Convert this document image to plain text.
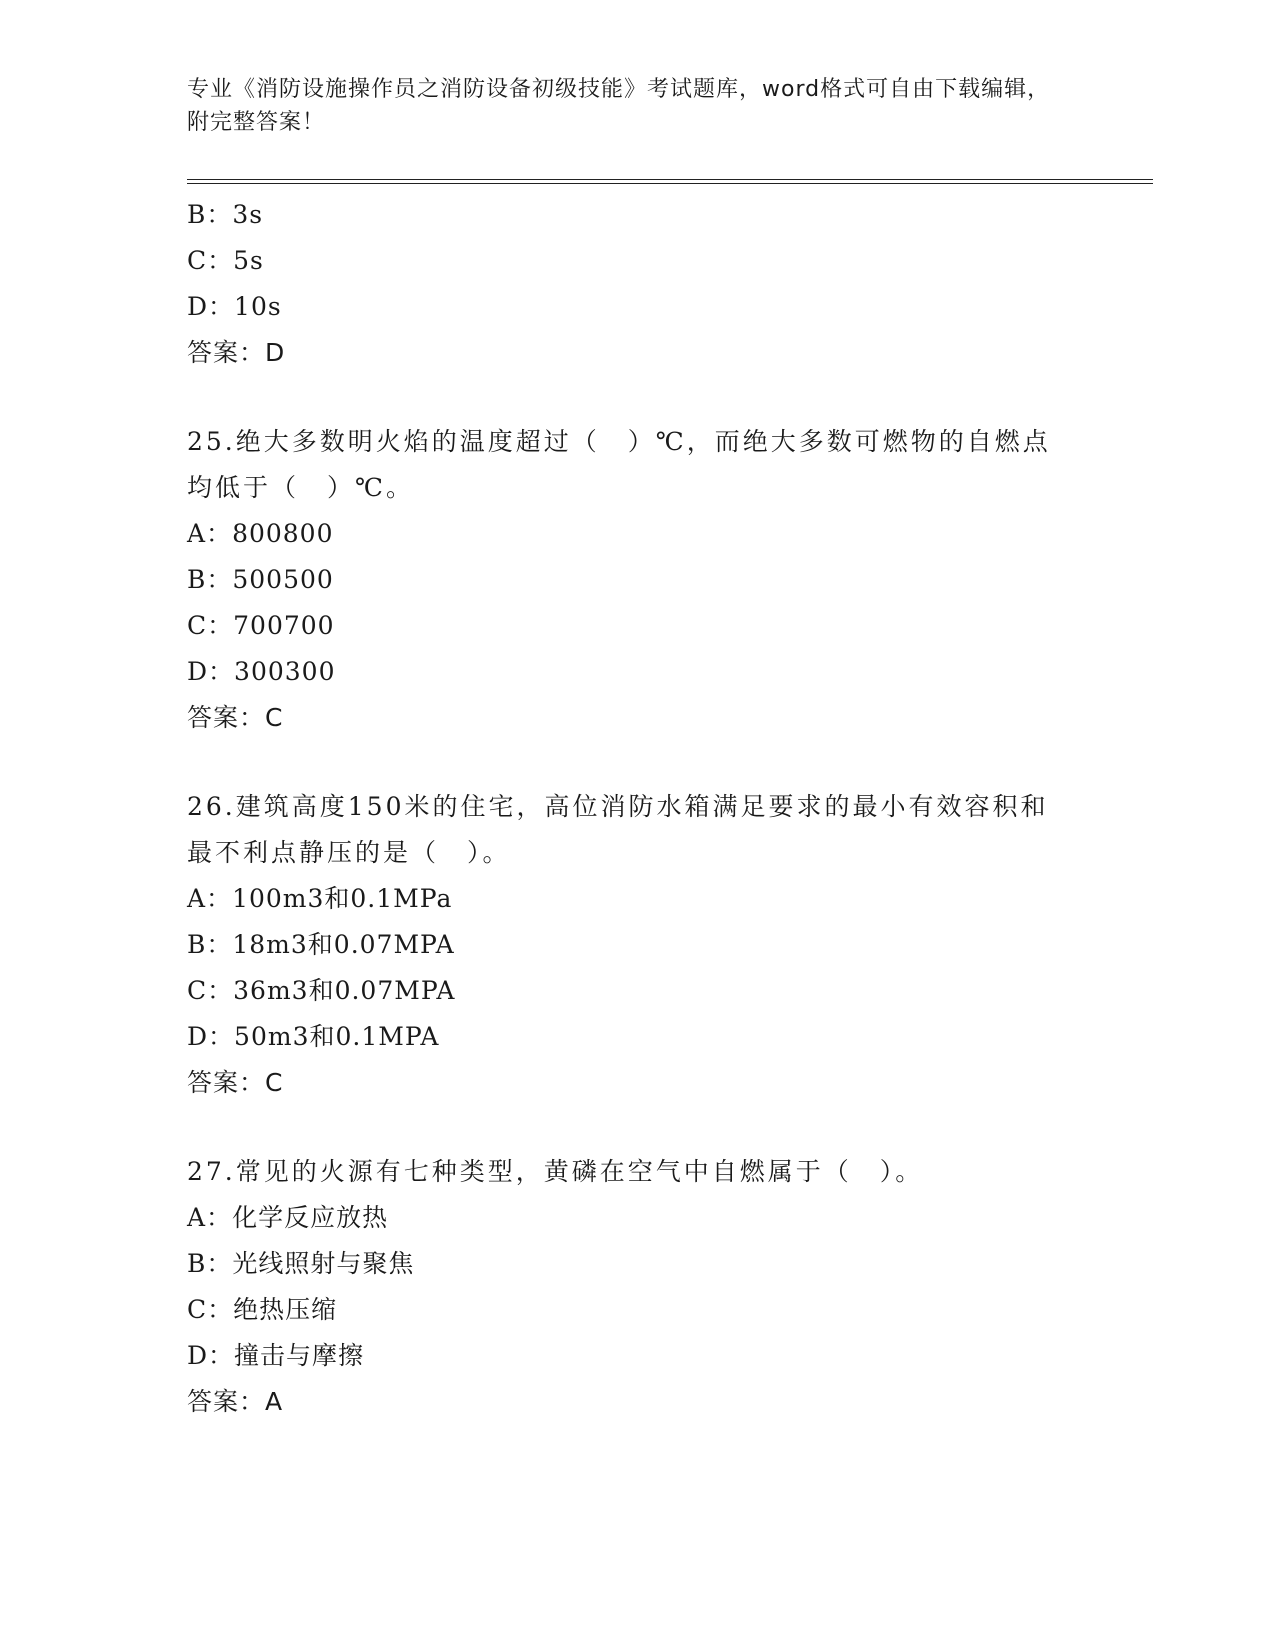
专业《消防设施操作员之消防设备初级技能》考试题库，word格式可自由下载编辑，附完整答案！
B：3s
C：5s
D：10s
答案：D
25.绝大多数明火焰的温度超过（　）℃，而绝大多数可燃物的自燃点均低于（　）℃。
A：800800
B：500500
C：700700
D：300300
答案：C
26.建筑高度150米的住宅，高位消防水箱满足要求的最小有效容积和最不利点静压的是（　）。
A：100m3和0.1MPa
B：18m3和0.07MPA
C：36m3和0.07MPA
D：50m3和0.1MPA
答案：C
27.常见的火源有七种类型，黄磷在空气中自燃属于（　）。
A：化学反应放热
B：光线照射与聚焦
C：绝热压缩
D：撞击与摩擦
答案：A
